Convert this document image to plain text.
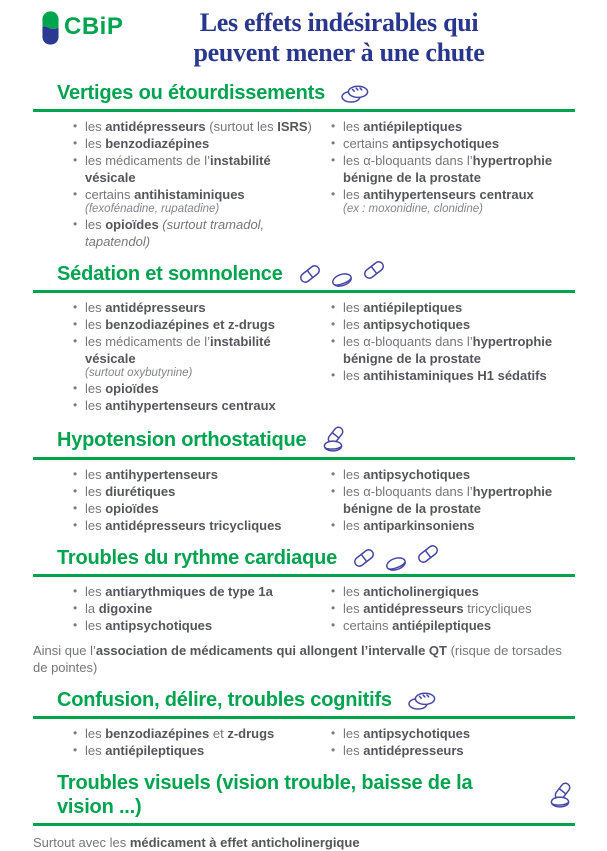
CBiP	Les effets indésirables qui
peuvent mener à une chute
Vertiges ou étourdissements
• les antidépresseurs (surtout les ISRS)
• les benzodiazépines
• les médicaments de l’instabilité vésicale
• certains antihistaminiques
(fexofénadine, rupatadine)
• les opioïdes (surtout tramadol, tapatendol)
• les antiépileptiques
• certains antipsychotiques
• les α-bloquants dans l’hypertrophie bénigne de la prostate
• les antihypertenseurs centraux
(ex : moxonidine, clonidine)
Sédation et somnolence
• les antidépresseurs
• les benzodiazépines et z-drugs
• les médicaments de l’instabilité vésicale
(surtout oxybutynine)
• les opioïdes
• les antihypertenseurs centraux
• les antiépileptiques
• les antipsychotiques
• les α-bloquants dans l’hypertrophie bénigne de la prostate
• les antihistaminiques H1 sédatifs
Hypotension orthostatique
• les antihypertenseurs
• les diurétiques
• les opioïdes
• les antidépresseurs tricycliques
• les antipsychotiques
• les α-bloquants dans l’hypertrophie bénigne de la prostate
• les antiparkinsoniens
Troubles du rythme cardiaque
• les antiarythmiques de type 1a
• la digoxine
• les antipsychotiques
• les anticholinergiques
• les antidépresseurs tricycliques
• certains antiépileptiques

Ainsi que l’association de médicaments qui allongent l’intervalle QT (risque de torsades de pointes)

Confusion, délire, troubles cognitifs
• les benzodiazépines et z-drugs
• les antiépileptiques
• les antipsychotiques
• les antidépresseurs
Troubles visuels (vision trouble, baisse de la vision ...)

Surtout avec les médicament à effet anticholinergique
